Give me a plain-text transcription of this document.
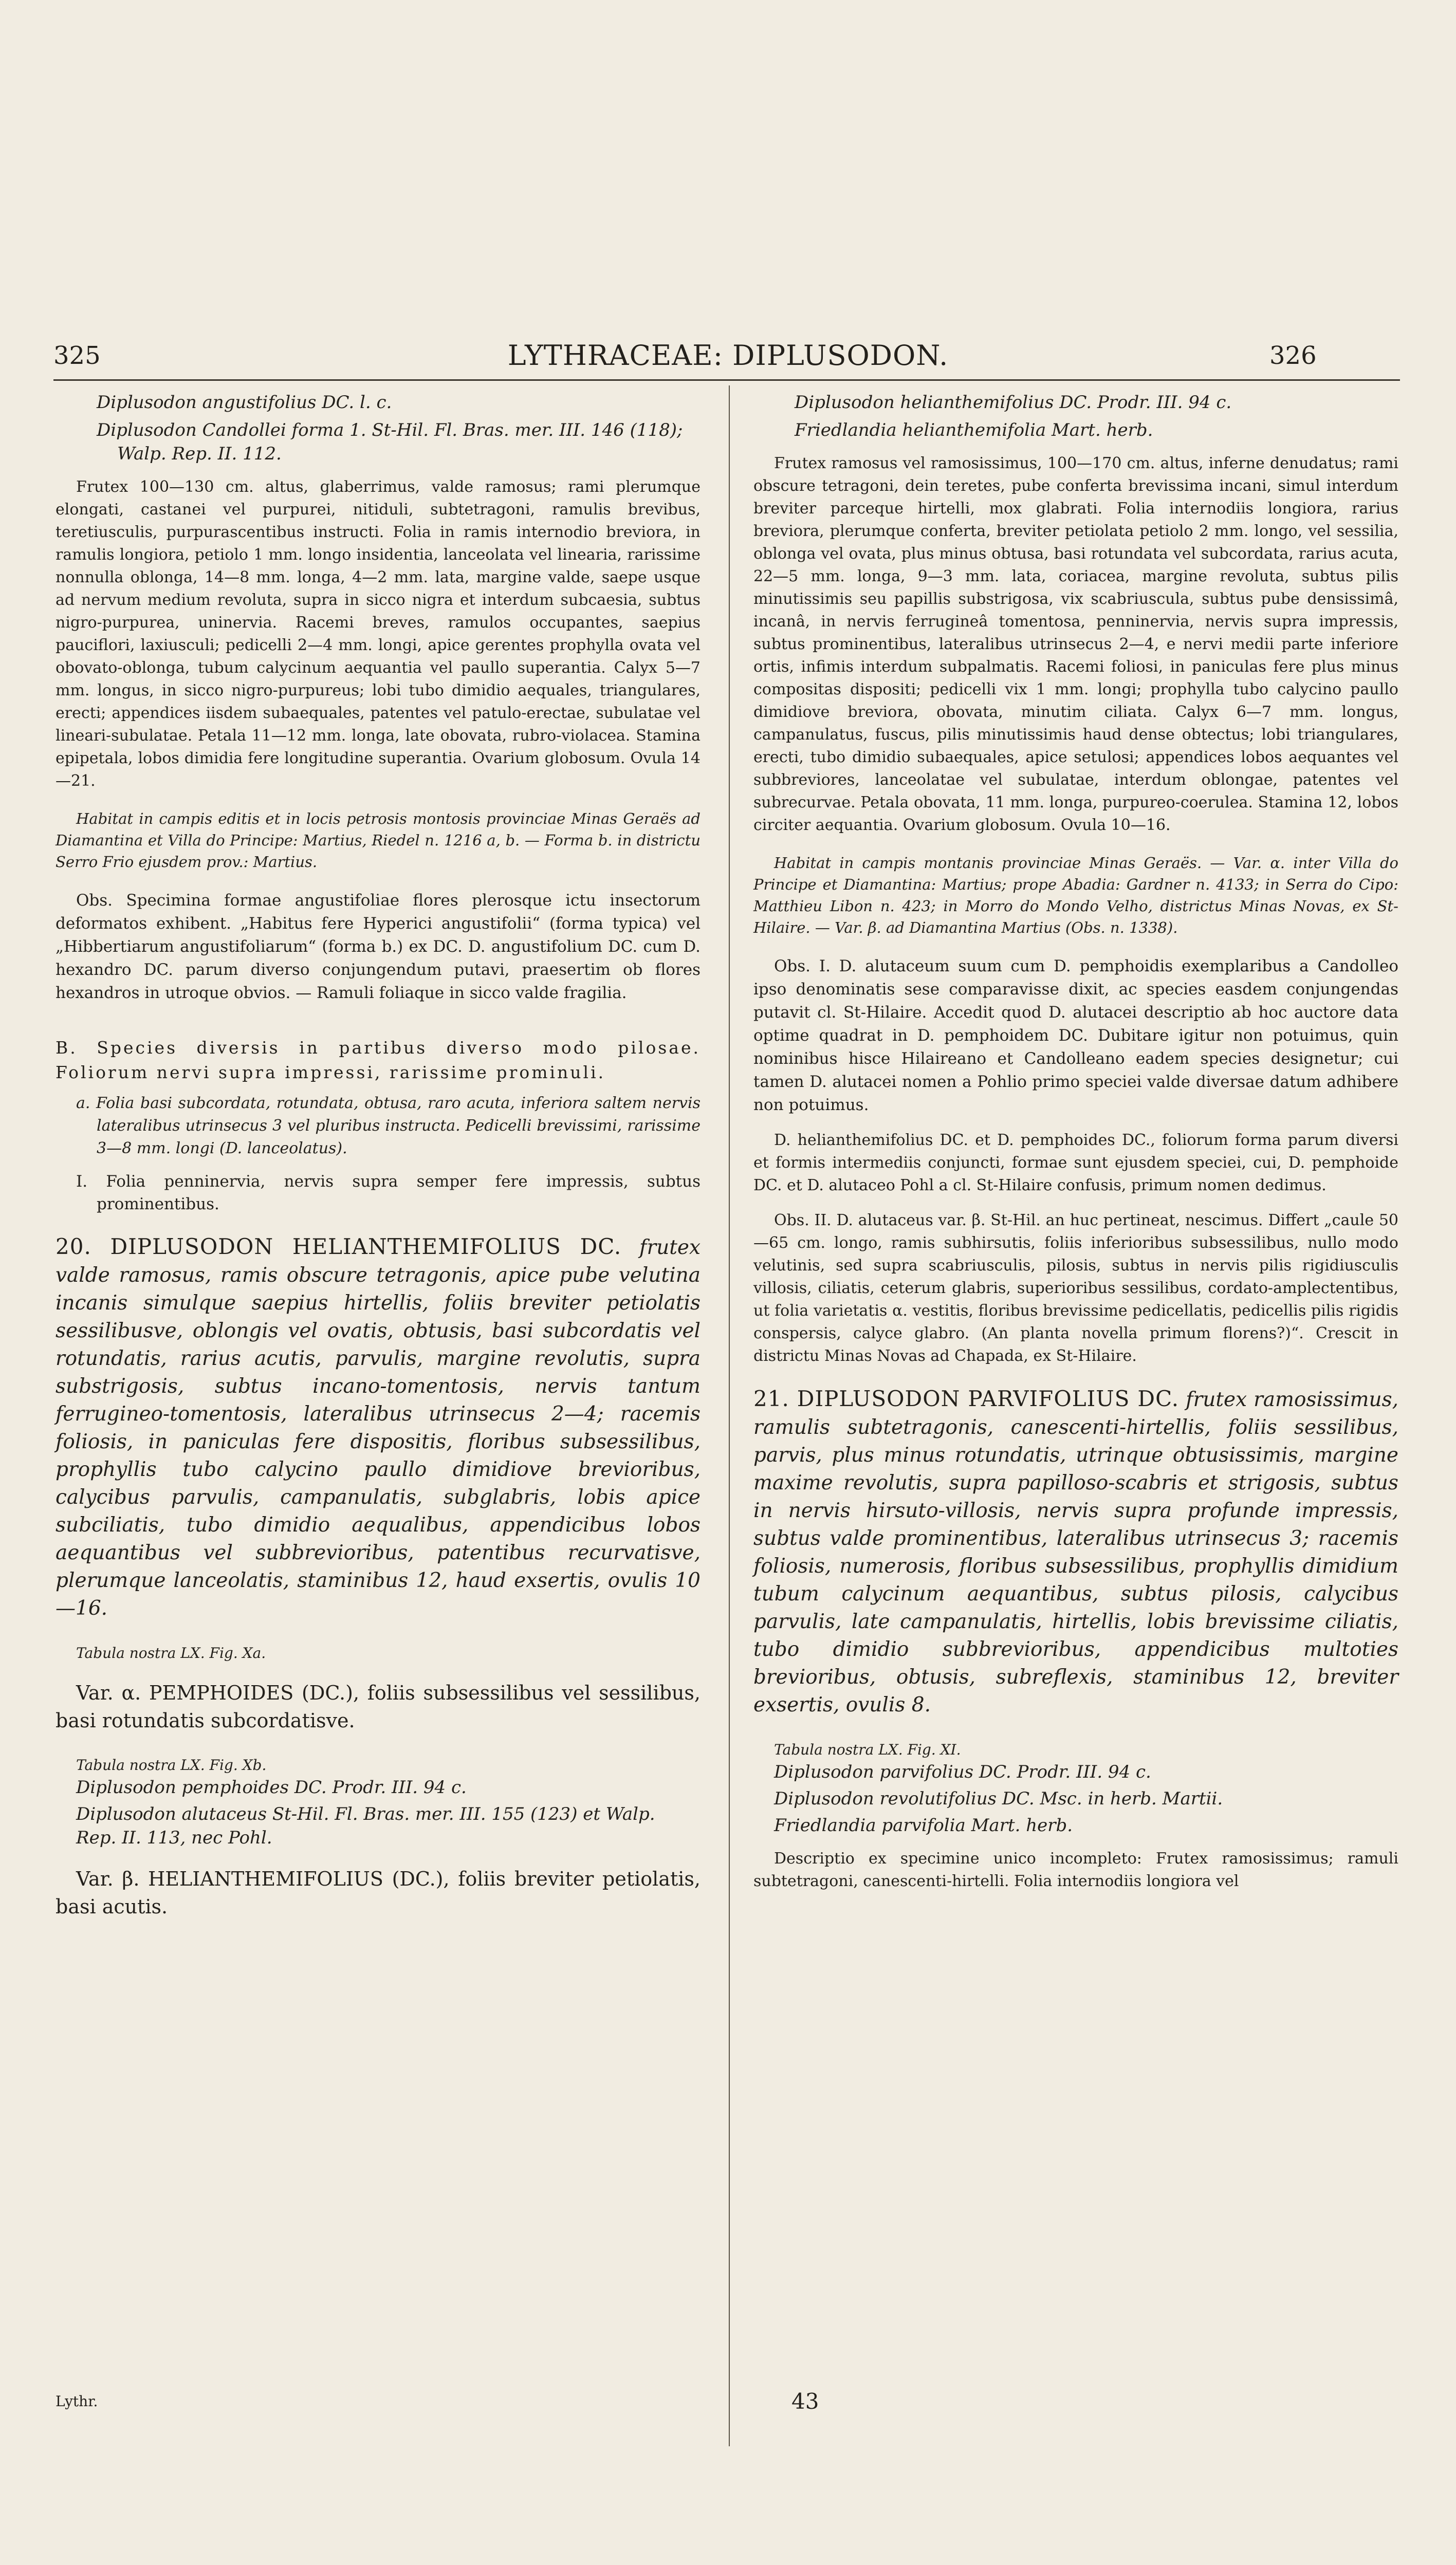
325	LYTHRACEAE: DIPLUSODON.	326

Diplusodon angustifolius DC. l. c.

Diplusodon Candollei forma 1. St-Hil. Fl. Bras. mer. III. 146 (118); Walp. Rep. II. 112.

Frutex 100—130 cm. altus, glaberrimus, valde ramosus; rami plerumque elongati, castanei vel purpurei, nitiduli, subtetragoni, ramulis brevibus, teretiusculis, purpurascentibus instructi. Folia in ramis internodio breviora, in ramulis longiora, petiolo 1 mm. longo insidentia, lanceolata vel linearia, rarissime nonnulla oblonga, 14—8 mm. longa, 4—2 mm. lata, margine valde, saepe usque ad nervum medium revoluta, supra in sicco nigra et interdum subcaesia, subtus nigro-purpurea, uninervia. Racemi breves, ramulos occupantes, saepius pauciflori, laxiusculi; pedicelli 2—4 mm. longi, apice gerentes prophylla ovata vel obovato-oblonga, tubum calycinum aequantia vel paullo superantia. Calyx 5—7 mm. longus, in sicco nigro-purpureus; lobi tubo dimidio aequales, triangulares, erecti; appendices iisdem subaequales, patentes vel patulo-erectae, subulatae vel lineari-subulatae. Petala 11—12 mm. longa, late obovata, rubro-violacea. Stamina epipetala, lobos dimidia fere longitudine superantia. Ovarium globosum. Ovula 14—21.

Habitat in campis editis et in locis petrosis montosis provinciae Minas Geraës ad Diamantina et Villa do Principe: Martius, Riedel n. 1216 a, b. — Forma b. in districtu Serro Frio ejusdem prov.: Martius.

Obs. Specimina formae angustifoliae flores plerosque ictu insectorum deformatos exhibent. „Habitus fere Hyperici angustifolii“ (forma typica) vel „Hibbertiarum angustifoliarum“ (forma b.) ex DC. D. angustifolium DC. cum D. hexandro DC. parum diverso conjungendum putavi, praesertim ob flores hexandros in utroque obvios. — Ramuli foliaque in sicco valde fragilia.

B. Species diversis in partibus diverso modo pilosae. Foliorum nervi supra impressi, rarissime prominuli.

a. Folia basi subcordata, rotundata, obtusa, raro acuta, inferiora saltem nervis lateralibus utrinsecus 3 vel pluribus instructa. Pedicelli brevissimi, rarissime 3—8 mm. longi (D. lanceolatus).

I. Folia penninervia, nervis supra semper fere impressis, subtus prominentibus.

20. DIPLUSODON HELIANTHEMIFOLIUS DC. frutex valde ramosus, ramis obscure tetragonis, apice pube velutina incanis simulque saepius hirtellis, foliis breviter petiolatis sessilibusve, oblongis vel ovatis, obtusis, basi subcordatis vel rotundatis, rarius acutis, parvulis, margine revolutis, supra substrigosis, subtus incano-tomentosis, nervis tantum ferrugineo-tomentosis, lateralibus utrinsecus 2—4; racemis foliosis, in paniculas fere dispositis, floribus subsessilibus, prophyllis tubo calycino paullo dimidiove brevioribus, calycibus parvulis, campanulatis, subglabris, lobis apice subciliatis, tubo dimidio aequalibus, appendicibus lobos aequantibus vel subbrevioribus, patentibus recurvatisve, plerumque lanceolatis, staminibus 12, haud exsertis, ovulis 10—16.

Tabula nostra LX. Fig. Xa.

Var. α. PEMPHOIDES (DC.), foliis subsessilibus vel sessilibus, basi rotundatis subcordatisve.

Tabula nostra LX. Fig. Xb.

Diplusodon pemphoides DC. Prodr. III. 94 c.

Diplusodon alutaceus St-Hil. Fl. Bras. mer. III. 155 (123) et Walp. Rep. II. 113, nec Pohl.

Var. β. HELIANTHEMIFOLIUS (DC.), foliis breviter petiolatis, basi acutis.

Diplusodon helianthemifolius DC. Prodr. III. 94 c.

Friedlandia helianthemifolia Mart. herb.

Frutex ramosus vel ramosissimus, 100—170 cm. altus, inferne denudatus; rami obscure tetragoni, dein teretes, pube conferta brevissima incani, simul interdum breviter parceque hirtelli, mox glabrati. Folia internodiis longiora, rarius breviora, plerumque conferta, breviter petiolata petiolo 2 mm. longo, vel sessilia, oblonga vel ovata, plus minus obtusa, basi rotundata vel subcordata, rarius acuta, 22—5 mm. longa, 9—3 mm. lata, coriacea, margine revoluta, subtus pilis minutissimis seu papillis substrigosa, vix scabriuscula, subtus pube densissimâ, incanâ, in nervis ferrugineâ tomentosa, penninervia, nervis supra impressis, subtus prominentibus, lateralibus utrinsecus 2—4, e nervi medii parte inferiore ortis, infimis interdum subpalmatis. Racemi foliosi, in paniculas fere plus minus compositas dispositi; pedicelli vix 1 mm. longi; prophylla tubo calycino paullo dimidiove breviora, obovata, minutim ciliata. Calyx 6—7 mm. longus, campanulatus, fuscus, pilis minutissimis haud dense obtectus; lobi triangulares, erecti, tubo dimidio subaequales, apice setulosi; appendices lobos aequantes vel subbreviores, lanceolatae vel subulatae, interdum oblongae, patentes vel subrecurvae. Petala obovata, 11 mm. longa, purpureo-coerulea. Stamina 12, lobos circiter aequantia. Ovarium globosum. Ovula 10—16.

Habitat in campis montanis provinciae Minas Geraës. — Var. α. inter Villa do Principe et Diamantina: Martius; prope Abadia: Gardner n. 4133; in Serra do Cipo: Matthieu Libon n. 423; in Morro do Mondo Velho, districtus Minas Novas, ex St-Hilaire. — Var. β. ad Diamantina Martius (Obs. n. 1338).

Obs. I. D. alutaceum suum cum D. pemphoidis exemplaribus a Candolleo ipso denominatis sese comparavisse dixit, ac species easdem conjungendas putavit cl. St-Hilaire. Accedit quod D. alutacei descriptio ab hoc auctore data optime quadrat in D. pemphoidem DC. Dubitare igitur non potuimus, quin nominibus hisce Hilaireano et Candolleano eadem species designetur; cui tamen D. alutacei nomen a Pohlio primo speciei valde diversae datum adhibere non potuimus.

D. helianthemifolius DC. et D. pemphoides DC., foliorum forma parum diversi et formis intermediis conjuncti, formae sunt ejusdem speciei, cui, D. pemphoide DC. et D. alutaceo Pohl a cl. St-Hilaire confusis, primum nomen dedimus.

Obs. II. D. alutaceus var. β. St-Hil. an huc pertineat, nescimus. Differt „caule 50—65 cm. longo, ramis subhirsutis, foliis inferioribus subsessilibus, nullo modo velutinis, sed supra scabriusculis, pilosis, subtus in nervis pilis rigidiusculis villosis, ciliatis, ceterum glabris, superioribus sessilibus, cordato-amplectentibus, ut folia varietatis α. vestitis, floribus brevissime pedicellatis, pedicellis pilis rigidis conspersis, calyce glabro. (An planta novella primum florens?)“. Crescit in districtu Minas Novas ad Chapada, ex St-Hilaire.

21. DIPLUSODON PARVIFOLIUS DC. frutex ramosissimus, ramulis subtetragonis, canescenti-hirtellis, foliis sessilibus, parvis, plus minus rotundatis, utrinque obtusissimis, margine maxime revolutis, supra papilloso-scabris et strigosis, subtus in nervis hirsuto-villosis, nervis supra profunde impressis, subtus valde prominentibus, lateralibus utrinsecus 3; racemis foliosis, numerosis, floribus subsessilibus, prophyllis dimidium tubum calycinum aequantibus, subtus pilosis, calycibus parvulis, late campanulatis, hirtellis, lobis brevissime ciliatis, tubo dimidio subbrevioribus, appendicibus multoties brevioribus, obtusis, subreflexis, staminibus 12, breviter exsertis, ovulis 8.

Tabula nostra LX. Fig. XI.

Diplusodon parvifolius DC. Prodr. III. 94 c.

Diplusodon revolutifolius DC. Msc. in herb. Martii.

Friedlandia parvifolia Mart. herb.

Descriptio ex specimine unico incompleto: Frutex ramosissimus; ramuli subtetragoni, canescenti-hirtelli. Folia internodiis longiora vel

Lythr.	43
